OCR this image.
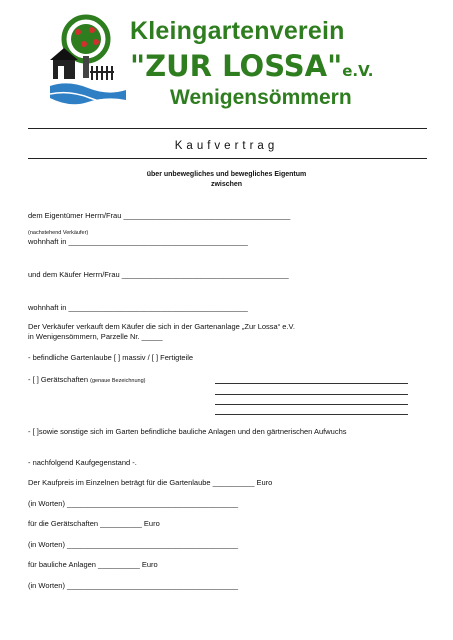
Kleingartenverein
"ZUR LOSSA"e.V.
Wenigensömmern
Kaufvertrag
über unbewegliches und bewegliches Eigentum
zwischen
dem Eigentümer Herrn/Frau ________________________________________
(nachstehend Verkäufer)
wohnhaft in ___________________________________________
und dem Käufer Herrn/Frau ________________________________________
wohnhaft in ___________________________________________
Der Verkäufer verkauft dem Käufer die sich in der Gartenanlage „Zur Lossa“ e.V.
in Wenigensömmern, Parzelle Nr. _____
- befindliche Gartenlaube [ ] massiv / [ ] Fertigteile
- [ ] Gerätschaften (genaue Bezeichnung)
- [ ]sowie sonstige sich im Garten befindliche bauliche Anlagen und den gärtnerischen Aufwuchs
- nachfolgend Kaufgegenstand -.
Der Kaufpreis im Einzelnen beträgt für die Gartenlaube __________ Euro
(in Worten) _________________________________________
für die Gerätschaften __________ Euro
(in Worten) _________________________________________
für bauliche Anlagen __________ Euro
(in Worten) _________________________________________
